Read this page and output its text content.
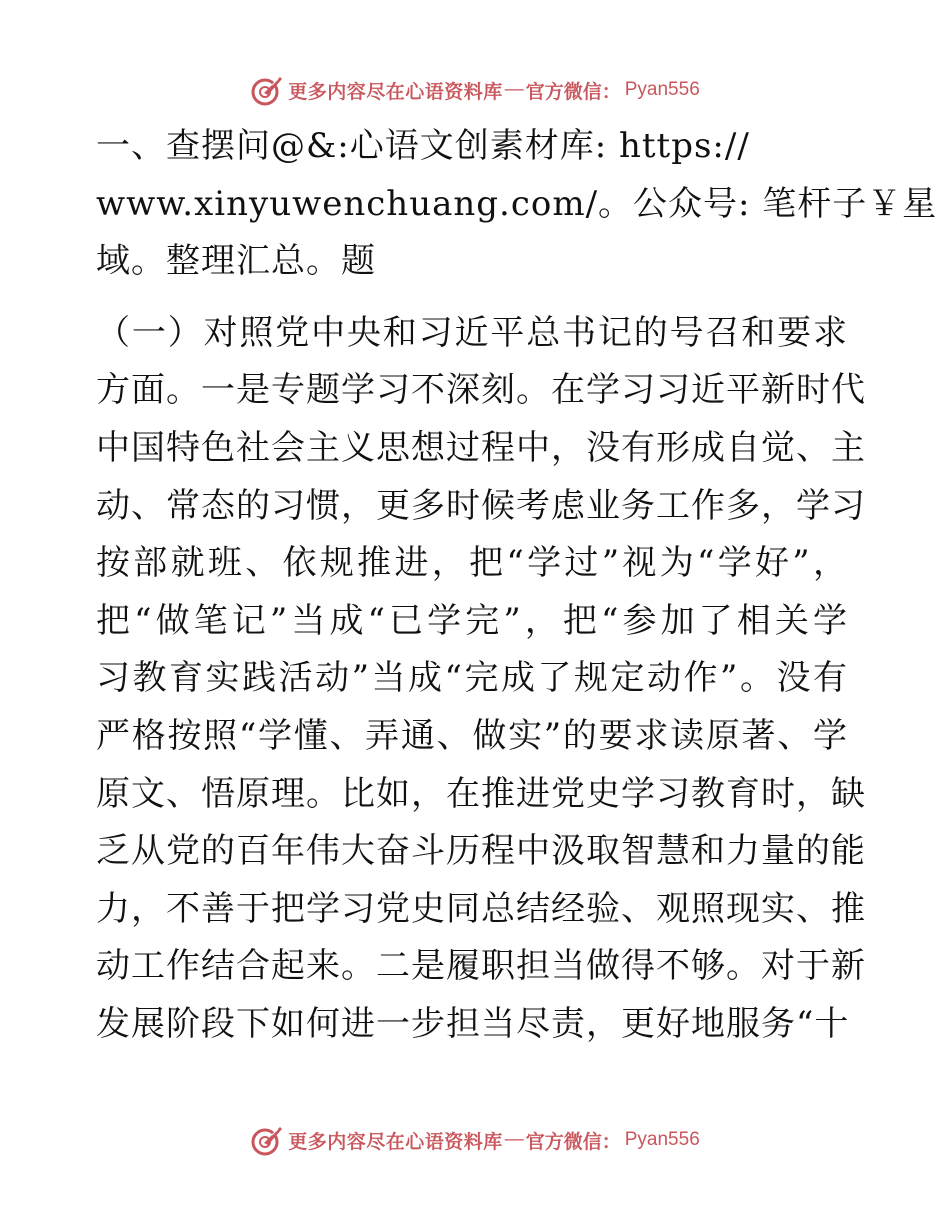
更多内容尽在心语资料库 — 官方微信： Pyan556
一、查摆问@&:心语文创素材库: https://
www.xinyuwenchuang.com/。公众号: 笔杆子￥星
域。整理汇总。题
（一）对照党中央和习近平总书记的号召和要求
方面。一是专题学习不深刻。在学习习近平新时代
中国特色社会主义思想过程中，没有形成自觉、主
动、常态的习惯，更多时候考虑业务工作多，学习
按部就班、依规推进，把“学过”视为“学好”，
把“做笔记”当成“已学完”，把“参加了相关学
习教育实践活动”当成“完成了规定动作”。没有
严格按照“学懂、弄通、做实”的要求读原著、学
原文、悟原理。比如，在推进党史学习教育时，缺
乏从党的百年伟大奋斗历程中汲取智慧和力量的能
力，不善于把学习党史同总结经验、观照现实、推
动工作结合起来。二是履职担当做得不够。对于新
发展阶段下如何进一步担当尽责，更好地服务“十
更多内容尽在心语资料库 — 官方微信： Pyan556
